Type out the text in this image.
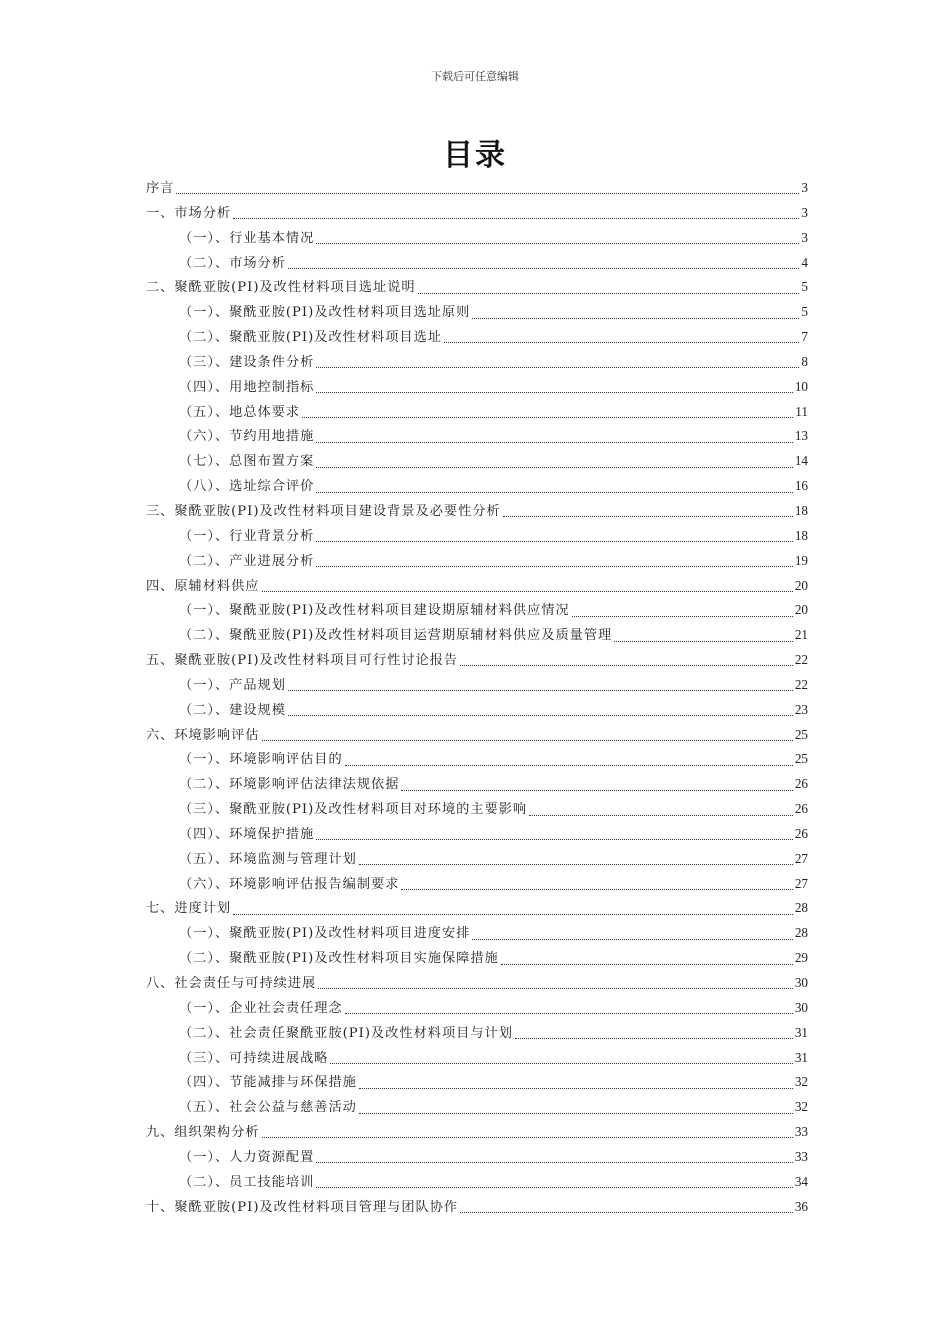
下载后可任意编辑
目录
序言	3
一、市场分析	3
（一）、行业基本情况	3
（二）、市场分析	4
二、聚酰亚胺(PI)及改性材料项目选址说明	5
（一）、聚酰亚胺(PI)及改性材料项目选址原则	5
（二）、聚酰亚胺(PI)及改性材料项目选址	7
（三）、建设条件分析	8
（四）、用地控制指标	10
（五）、地总体要求	11
（六）、节约用地措施	13
（七）、总图布置方案	14
（八）、选址综合评价	16
三、聚酰亚胺(PI)及改性材料项目建设背景及必要性分析	18
（一）、行业背景分析	18
（二）、产业进展分析	19
四、原辅材料供应	20
（一）、聚酰亚胺(PI)及改性材料项目建设期原辅材料供应情况	20
（二）、聚酰亚胺(PI)及改性材料项目运营期原辅材料供应及质量管理	21
五、聚酰亚胺(PI)及改性材料项目可行性讨论报告	22
（一）、产品规划	22
（二）、建设规模	23
六、环境影响评估	25
（一）、环境影响评估目的	25
（二）、环境影响评估法律法规依据	26
（三）、聚酰亚胺(PI)及改性材料项目对环境的主要影响	26
（四）、环境保护措施	26
（五）、环境监测与管理计划	27
（六）、环境影响评估报告编制要求	27
七、进度计划	28
（一）、聚酰亚胺(PI)及改性材料项目进度安排	28
（二）、聚酰亚胺(PI)及改性材料项目实施保障措施	29
八、社会责任与可持续进展	30
（一）、企业社会责任理念	30
（二）、社会责任聚酰亚胺(PI)及改性材料项目与计划	31
（三）、可持续进展战略	31
（四）、节能减排与环保措施	32
（五）、社会公益与慈善活动	32
九、组织架构分析	33
（一）、人力资源配置	33
（二）、员工技能培训	34
十、聚酰亚胺(PI)及改性材料项目管理与团队协作	36
